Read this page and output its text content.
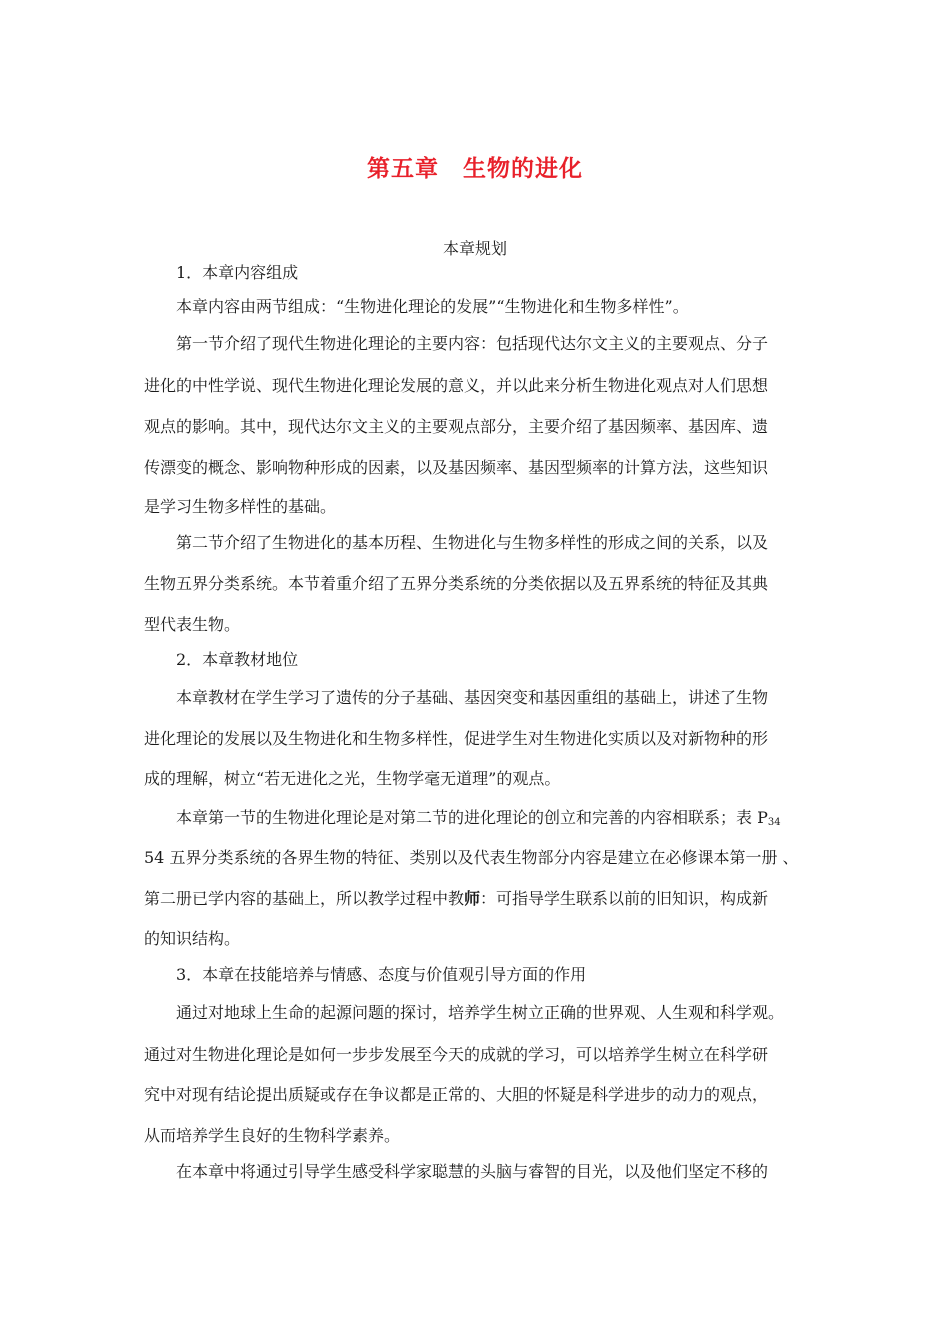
第五章　生物的进化
本章规划
1．本章内容组成
本章内容由两节组成：“生物进化理论的发展”“生物进化和生物多样性”。
第一节介绍了现代生物进化理论的主要内容：包括现代达尔文主义的主要观点、分子
进化的中性学说、现代生物进化理论发展的意义，并以此来分析生物进化观点对人们思想
观点的影响。其中，现代达尔文主义的主要观点部分，主要介绍了基因频率、基因库、遗
传漂变的概念、影响物种形成的因素，以及基因频率、基因型频率的计算方法，这些知识
是学习生物多样性的基础。
第二节介绍了生物进化的基本历程、生物进化与生物多样性的形成之间的关系，以及
生物五界分类系统。本节着重介绍了五界分类系统的分类依据以及五界系统的特征及其典
型代表生物。
2．本章教材地位
本章教材在学生学习了遗传的分子基础、基因突变和基因重组的基础上，讲述了生物
进化理论的发展以及生物进化和生物多样性，促进学生对生物进化实质以及对新物种的形
成的理解，树立“若无进化之光，生物学毫无道理”的观点。
本章第一节的生物进化理论是对第二节的进化理论的创立和完善的内容相联系；表 $P_{34}$
54 五界分类系统的各界生物的特征、类别以及代表生物部分内容是建立在必修课本第一册 、
第二册已学内容的基础上，所以教学过程中教师：可指导学生联系以前的旧知识，构成新
的知识结构。
3．本章在技能培养与情感、态度与价值观引导方面的作用
通过对地球上生命的起源问题的探讨，培养学生树立正确的世界观、人生观和科学观。
通过对生物进化理论是如何一步步发展至今天的成就的学习，可以培养学生树立在科学研
究中对现有结论提出质疑或存在争议都是正常的、大胆的怀疑是科学进步的动力的观点，
从而培养学生良好的生物科学素养。
在本章中将通过引导学生感受科学家聪慧的头脑与睿智的目光，以及他们坚定不移的
